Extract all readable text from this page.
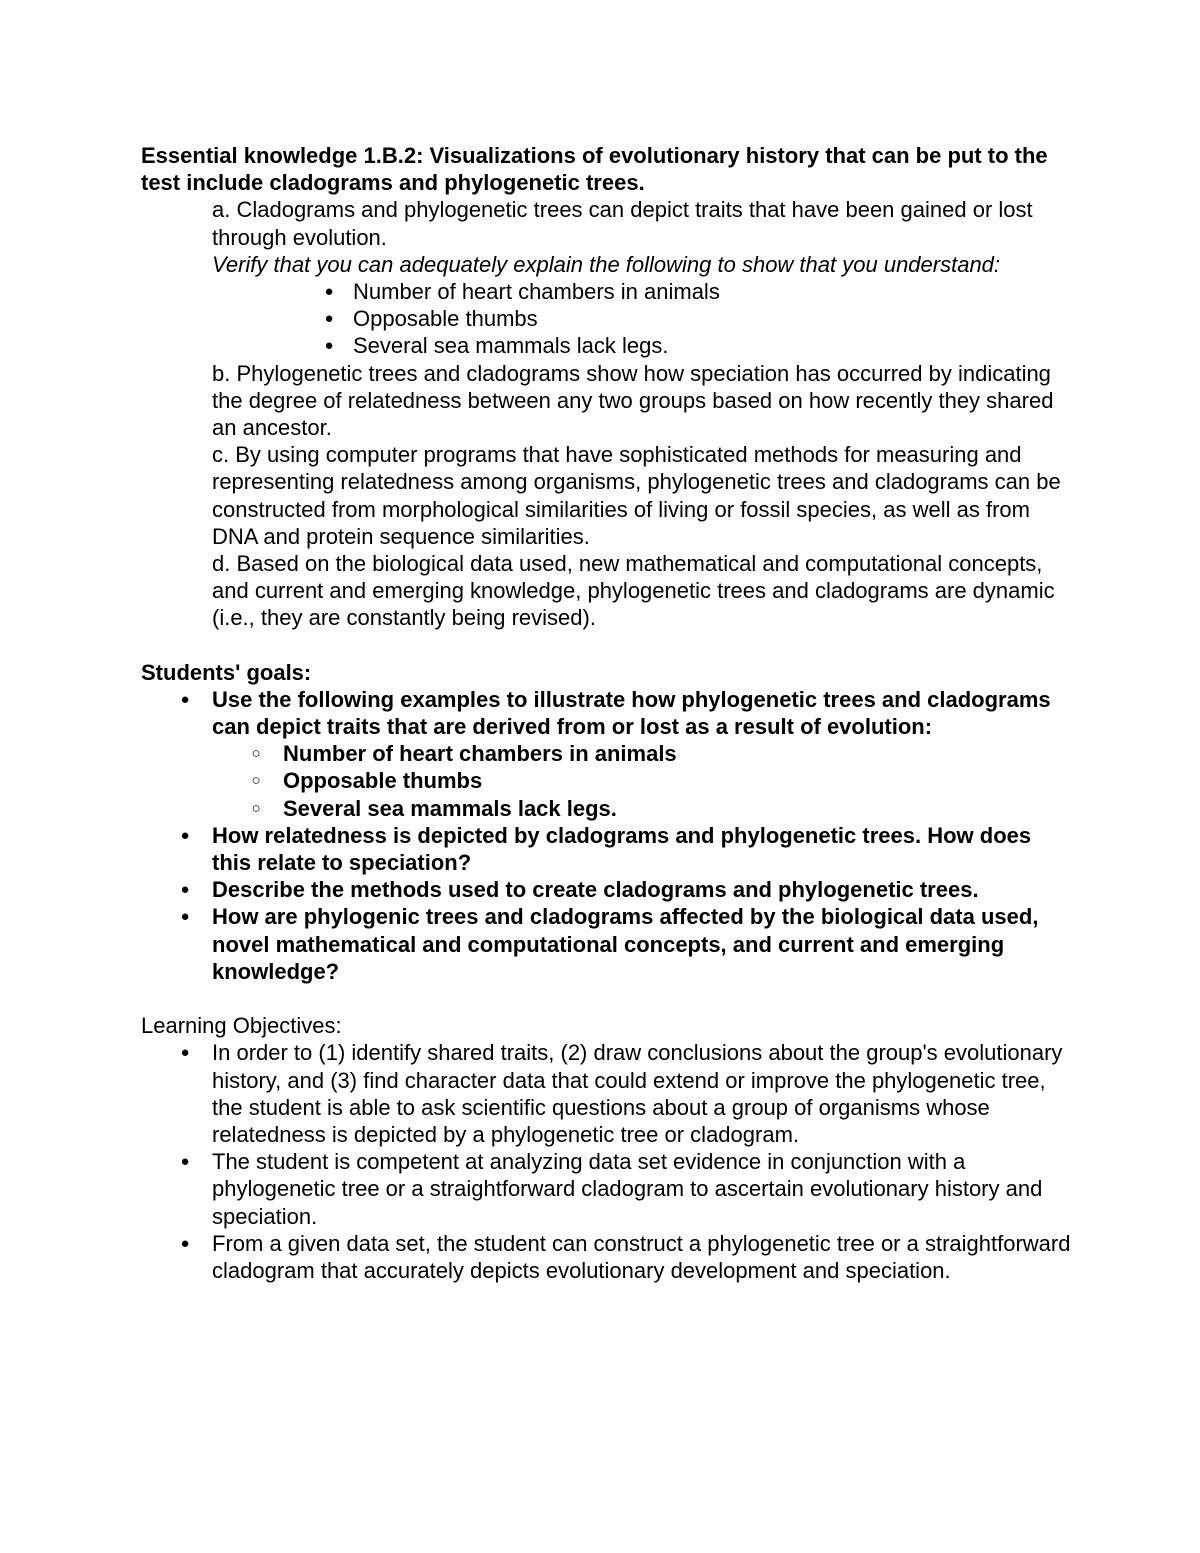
Essential knowledge 1.B.2: Visualizations of evolutionary history that can be put to the test include cladograms and phylogenetic trees.

a. Cladograms and phylogenetic trees can depict traits that have been gained or lost through evolution.

Verify that you can adequately explain the following to show that you understand:

● Number of heart chambers in animals
● Opposable thumbs
● Several sea mammals lack legs.

b. Phylogenetic trees and cladograms show how speciation has occurred by indicating the degree of relatedness between any two groups based on how recently they shared an ancestor.

c. By using computer programs that have sophisticated methods for measuring and representing relatedness among organisms, phylogenetic trees and cladograms can be constructed from morphological similarities of living or fossil species, as well as from DNA and protein sequence similarities.

d. Based on the biological data used, new mathematical and computational concepts, and current and emerging knowledge, phylogenetic trees and cladograms are dynamic (i.e., they are constantly being revised).

Students' goals:

● Use the following examples to illustrate how phylogenetic trees and cladograms can depict traits that are derived from or lost as a result of evolution:
○ Number of heart chambers in animals
○ Opposable thumbs
○ Several sea mammals lack legs.
● How relatedness is depicted by cladograms and phylogenetic trees. How does this relate to speciation?
● Describe the methods used to create cladograms and phylogenetic trees.
● How are phylogenic trees and cladograms affected by the biological data used, novel mathematical and computational concepts, and current and emerging knowledge?

Learning Objectives:

● In order to (1) identify shared traits, (2) draw conclusions about the group's evolutionary history, and (3) find character data that could extend or improve the phylogenetic tree, the student is able to ask scientific questions about a group of organisms whose relatedness is depicted by a phylogenetic tree or cladogram.
● The student is competent at analyzing data set evidence in conjunction with a phylogenetic tree or a straightforward cladogram to ascertain evolutionary history and speciation.
● From a given data set, the student can construct a phylogenetic tree or a straightforward cladogram that accurately depicts evolutionary development and speciation.
